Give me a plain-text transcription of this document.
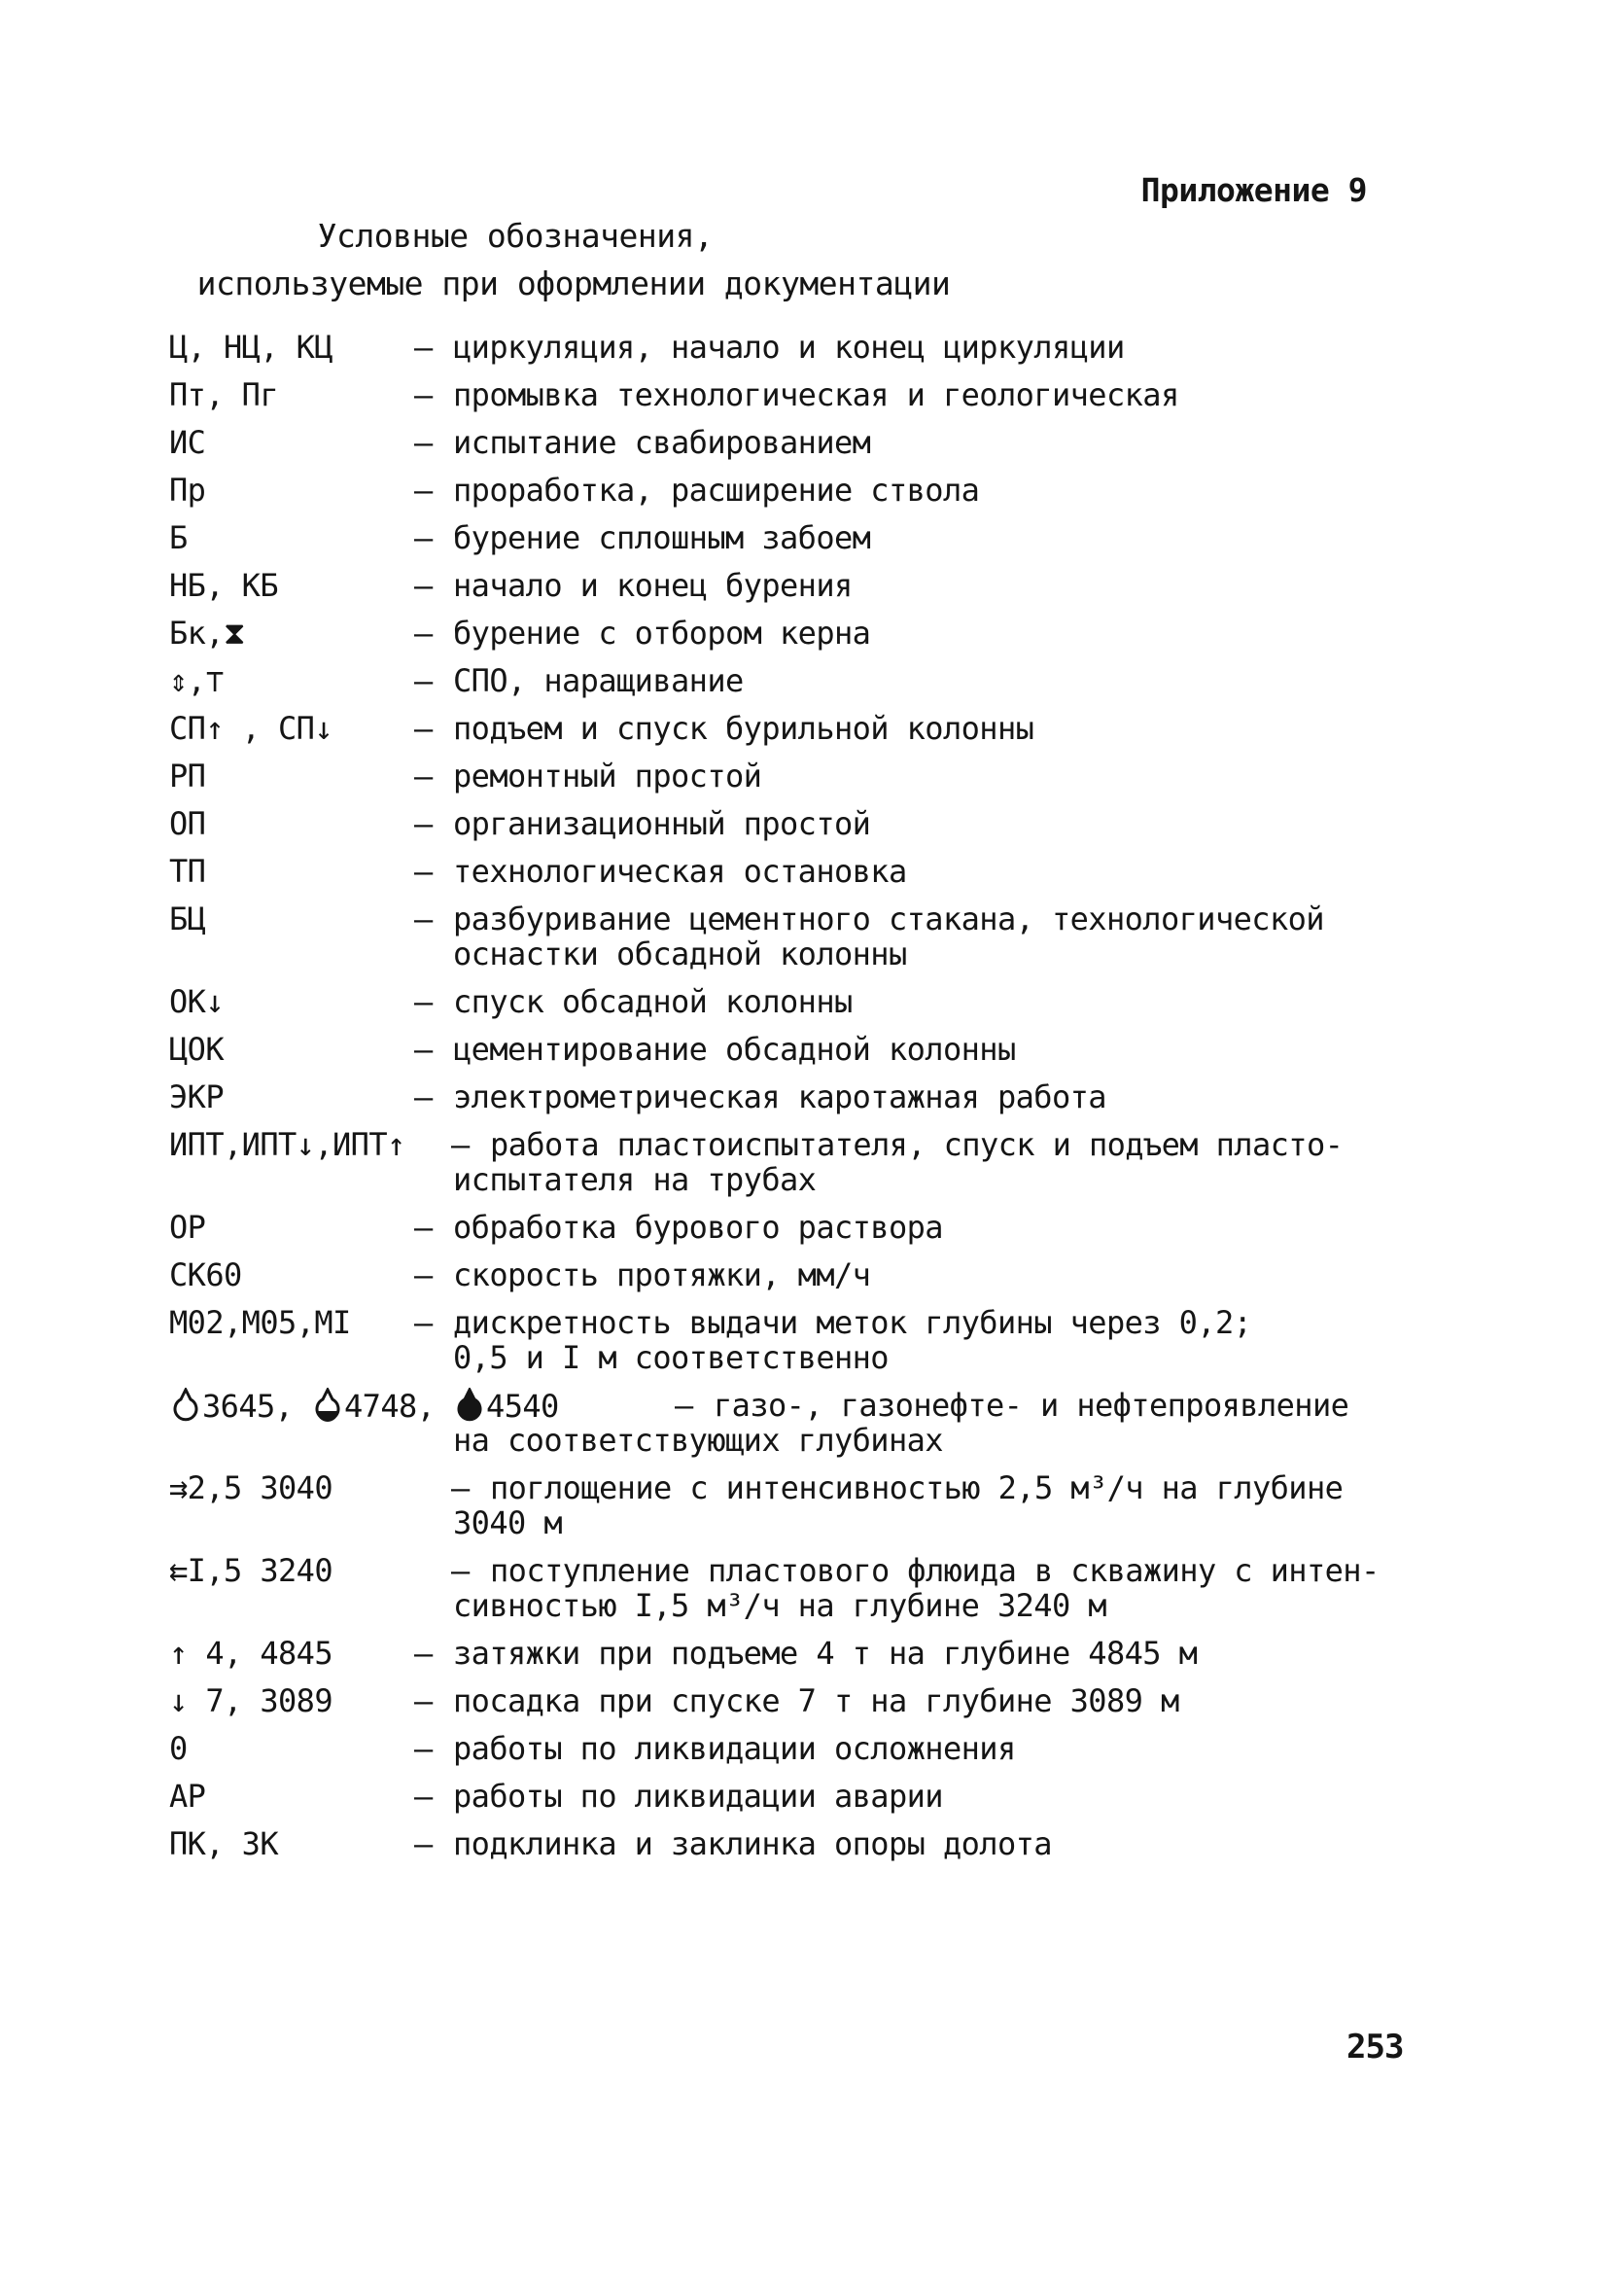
Приложение 9
Условные обозначения,
используемые при оформлении документации
Ц, НЦ, КЦ	– циркуляция, начало и конец циркуляции
Пт, Пг	– промывка технологическая и геологическая
ИС	– испытание свабированием
Пр	– проработка, расширение ствола
Б	– бурение сплошным забоем
НБ, КБ	– начало и конец бурения
Бк,⧗	– бурение с отбором керна
⇕,⊤	– СПО, наращивание
СП↑ , СП↓	– подъем и спуск бурильной колонны
РП	– ремонтный простой
ОП	– организационный простой
ТП	– технологическая остановка
БЦ	– разбуривание цементного стакана, технологической
оснастки обсадной колонны
ОК↓	– спуск обсадной колонны
ЦОК	– цементирование обсадной колонны
ЭКР	– электрометрическая каротажная работа
ИПТ,ИПТ↓,ИПТ↑ – работа пластоиспытателя, спуск и подъем пласто-
испытателя на трубах
ОР	– обработка бурового раствора
СК60	– скорость протяжки, мм/ч
М02,М05,МI – дискретность выдачи меток глубины через 0,2;
0,5 и I м соответственно
3645, 4748, 4540	– газо-, газонефте- и нефтепроявление
на соответствующих глубинах
⇉2,5 3040	– поглощение с интенсивностью 2,5 м³/ч на глубине
3040 м
⇇I,5 3240	– поступление пластового флюида в скважину с интен-
сивностью I,5 м³/ч на глубине 3240 м
↑ 4, 4845	– затяжки при подъеме 4 т на глубине 4845 м
↓ 7, 3089	– посадка при спуске 7 т на глубине 3089 м
0	– работы по ликвидации осложнения
АР	– работы по ликвидации аварии
ПК, ЗК	– подклинка и заклинка опоры долота
253
